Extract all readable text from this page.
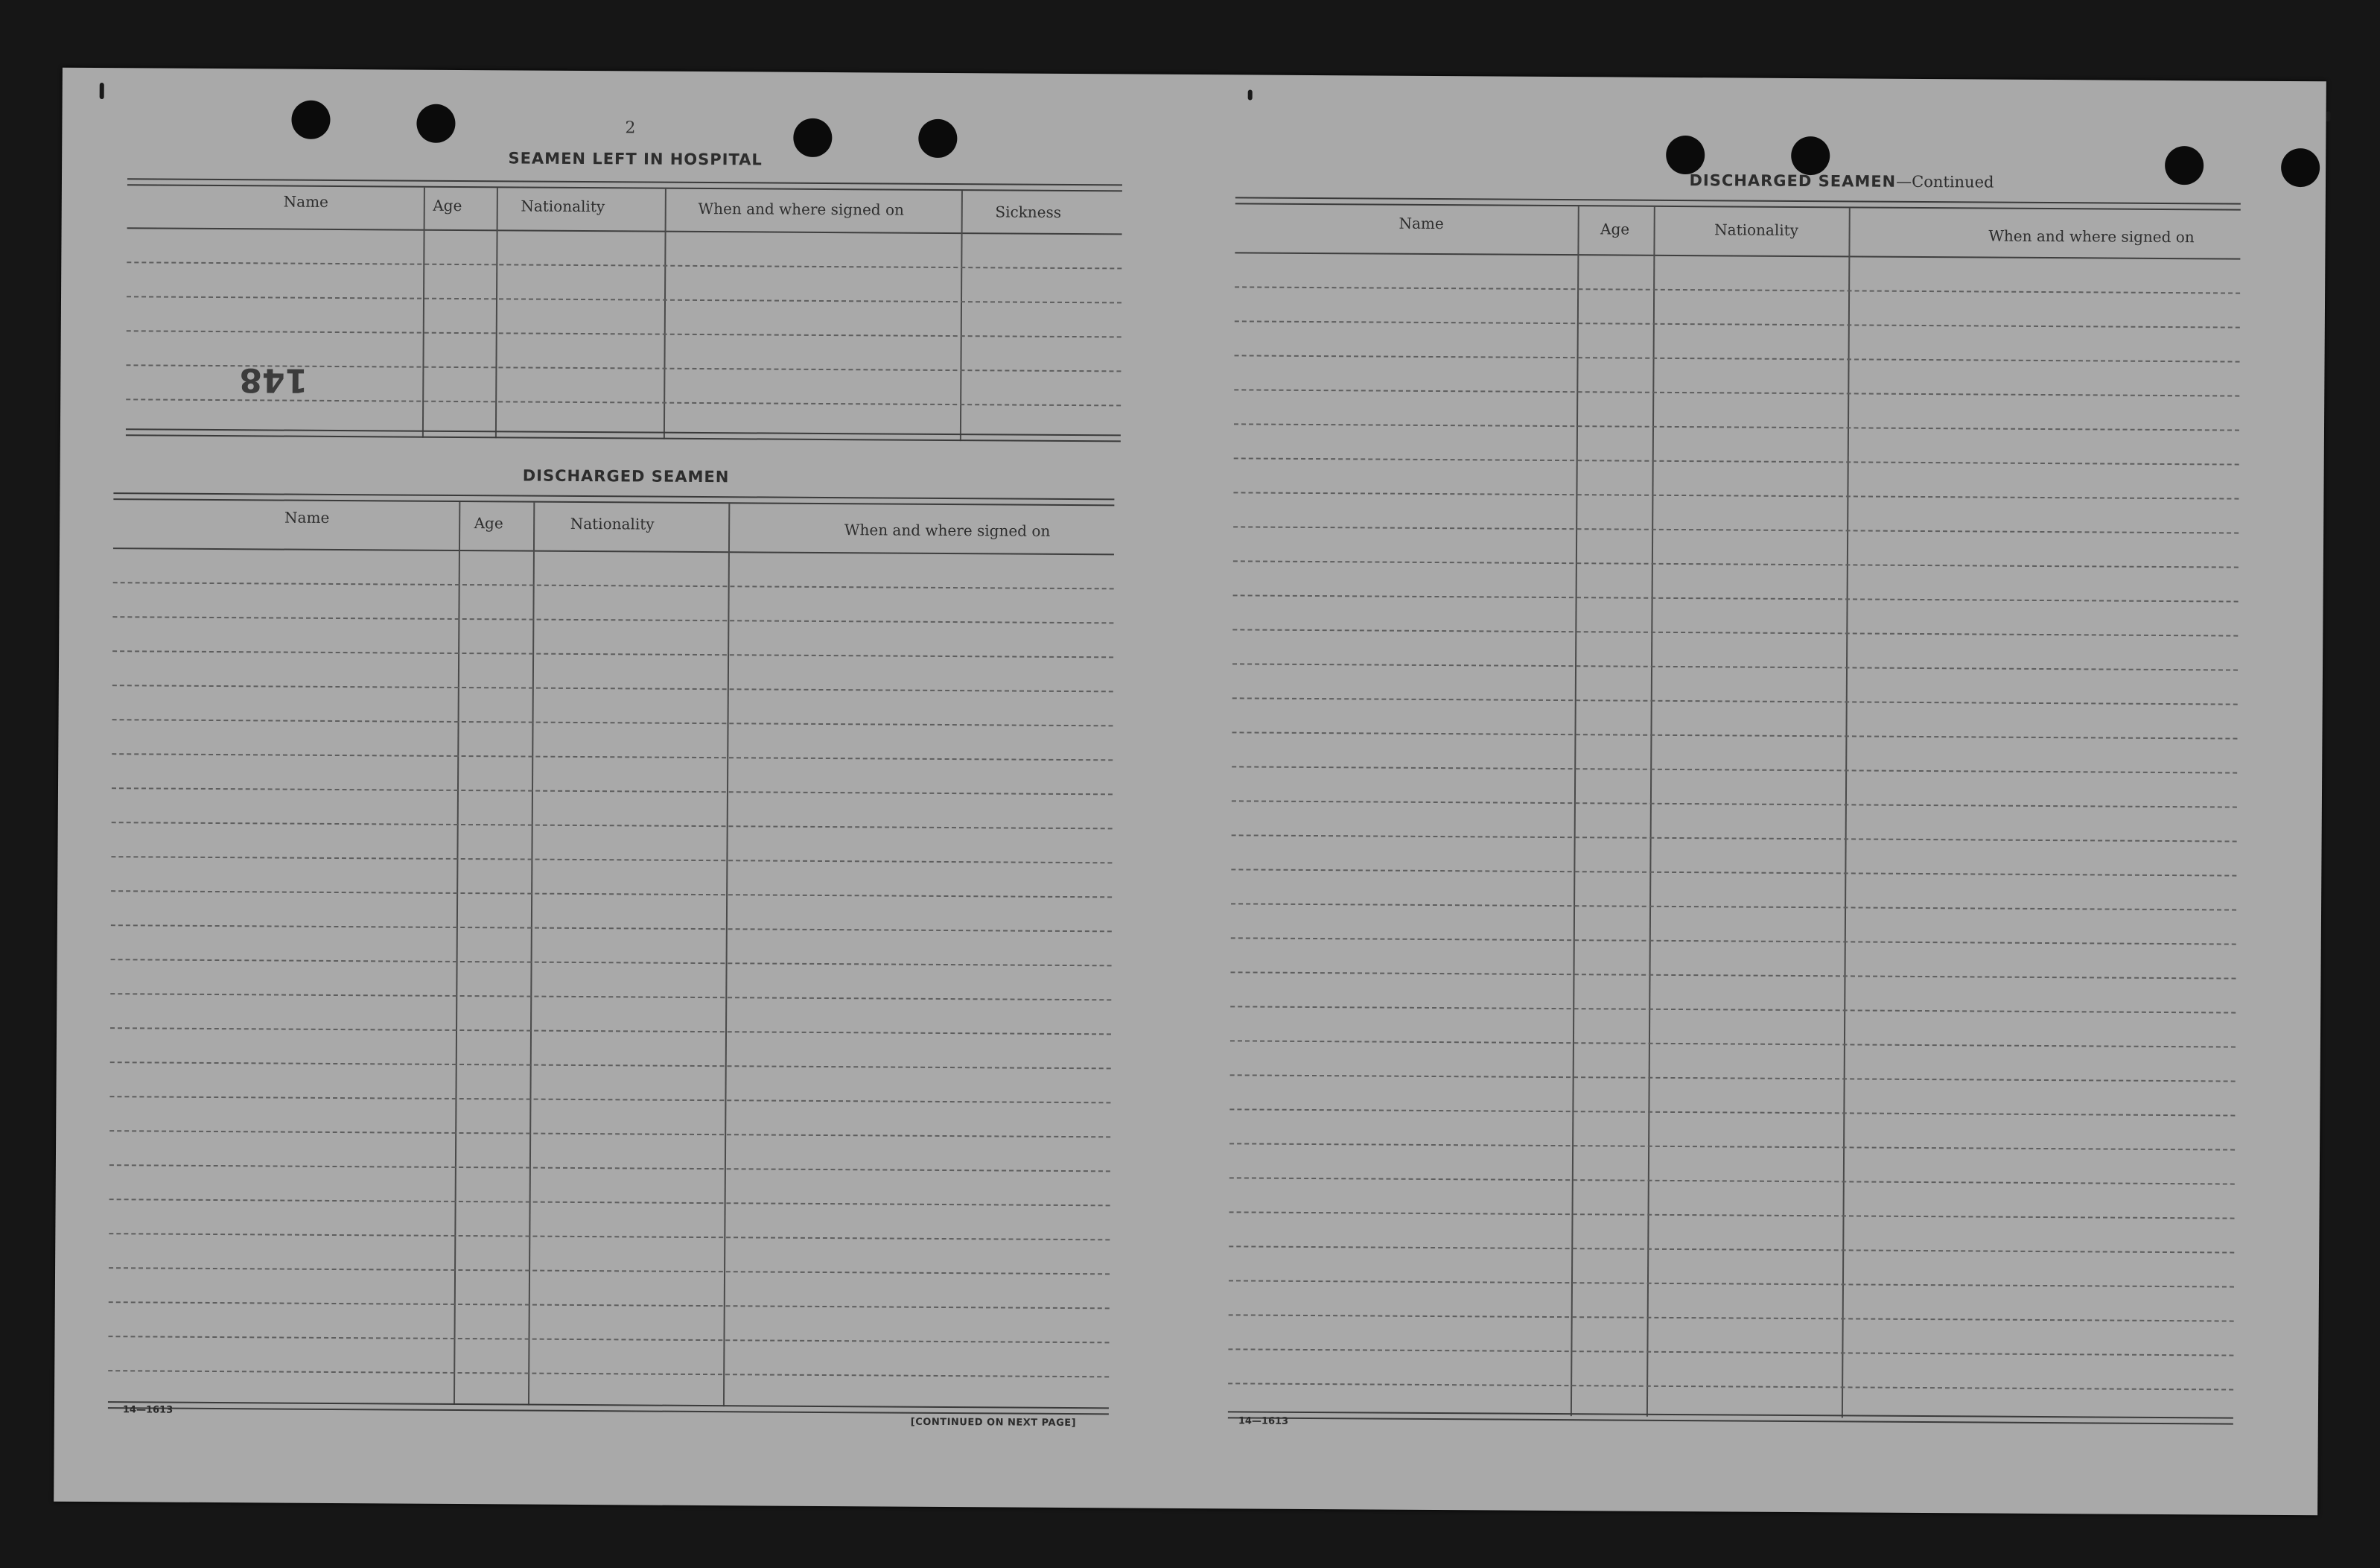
2
SEAMEN LEFT IN HOSPITAL
Name	Age	Nationality	When and where signed on	Sickness
148
DISCHARGED SEAMEN
Name	Age	Nationality	When and where signed on
14—1613
[CONTINUED ON NEXT PAGE]
DISCHARGED SEAMEN—Continued
Name	Age	Nationality	When and where signed on
14—1613
